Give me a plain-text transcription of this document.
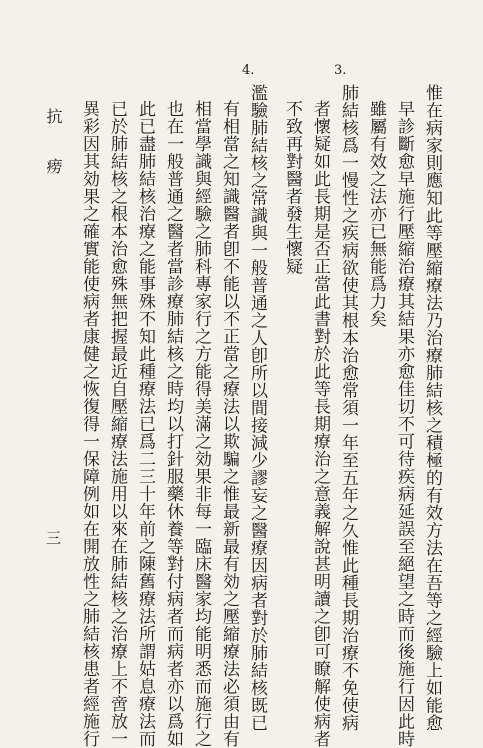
4.	3.
惟在病家則應知此等壓縮療法乃治療肺結核之積極的有效方法在吾等之經驗上如能愈
早診斷愈早施行壓縮治療其結果亦愈佳切不可待疾病延誤至絕望之時而後施行因此時
雖屬有效之法亦已無能爲力矣
肺結核爲一慢性之疾病欲使其根本治愈常須一年至五年之久惟此種長期治療不免使病
者懷疑如此長期是否正當此書對於此等長期療治之意義解說甚明讀之卽可瞭解使病者
不致再對醫者發生懷疑
濫驗肺結核之常識與一般普通之人卽所以間接減少謬妄之醫療因病者對於肺結核既已
有相當之知識醫者卽不能以不正當之療法以欺騙之惟最新最有効之壓縮療法必須由有
相當學識與經驗之肺科專家行之方能得美滿之効果非每一臨床醫家均能明悉而施行之
也在一般普通之醫者當診療肺結核之時均以打針服藥休養等對付病者而病者亦以爲如
此已盡肺結核治療之能事殊不知此種療法已爲二三十年前之陳舊療法所謂姑息療法而
已於肺結核之根本治愈殊無把握最近自壓縮療法施用以來在肺結核之治療上不啻放一
異彩因其効果之確實能使病者康健之恢復得一保障例如在開放性之肺結核患者經施行
抗痨
三
